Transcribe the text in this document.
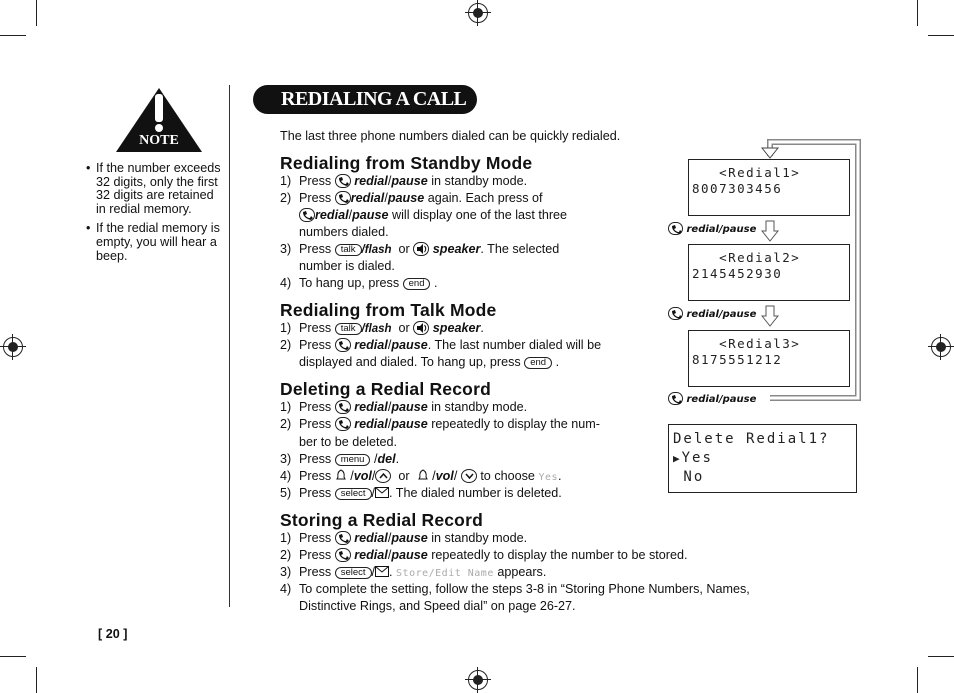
NOTE
• If the number exceeds 32 digits, only the first 32 digits are retained in redial memory.
• If the redial memory is empty, you will hear a beep.
REDIALING A CALL
The last three phone numbers dialed can be quickly redialed.
Redialing from Standby Mode
1) Press redial/pause in standby mode.
2) Press redial/pause again. Each press of
redial/pause will display one of the last three
numbers dialed.
3) Press talk /flash or speaker. The selected
number is dialed.
4) To hang up, press end .
Redialing from Talk Mode
1) Press talk /flash or speaker.
2) Press redial/pause. The last number dialed will be
displayed and dialed. To hang up, press end .
Deleting a Redial Record
1) Press redial/pause in standby mode.
2) Press redial/pause repeatedly to display the num-
ber to be deleted.
3) Press menu /del.
4) Press  /vol/ or   /vol/
to choose Yes.
5) Press select / . The dialed number is deleted.
Storing a Redial Record
1) Press redial/pause in standby mode.
2) Press redial/pause repeatedly to display the number to be stored.
3) Press select / . Store/Edit Name appears.
4) To complete the setting, follow the steps 3-8 in “Storing Phone Numbers, Names,
Distinctive Rings, and Speed dial” on page 26-27.
<Redial1>
8007303456
<Redial2>
2145452930
<Redial3>
8175551212
redial/pause
redial/pause
redial/pause
Delete Redial1?
▶Yes
No
[ 20 ]
